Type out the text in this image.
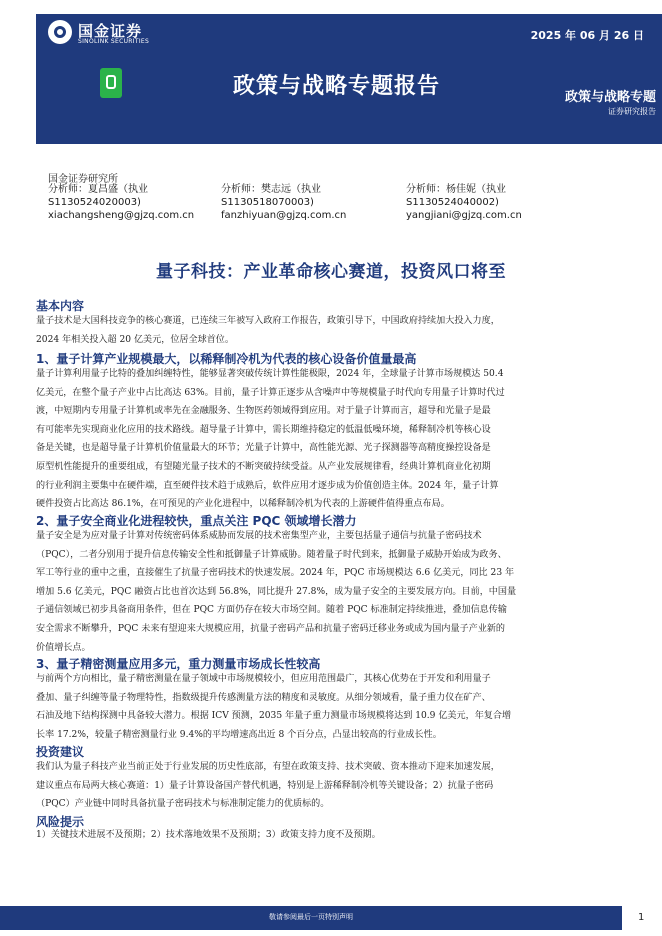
国金证券
SINOLINK SECURITIES	2025 年 06 月 26 日
政策与战略专题报告	政策与战略专题
证券研究报告
国金证券研究所
分析师：夏昌盛（执业
S1130524020003)
xiachangsheng@gjzq.com.cn
分析师：樊志远（执业
S1130518070003)
fanzhiyuan@gjzq.com.cn
分析师：杨佳妮（执业
S1130524040002)
yangjiani@gjzq.com.cn
量子科技：产业革命核心赛道，投资风口将至
基本内容
量子技术是大国科技竞争的核心赛道，已连续三年被写入政府工作报告，政策引导下，中国政府持续加大投入力度，
2024 年相关投入超 20 亿美元，位居全球首位。
1、量子计算产业规模最大，以稀释制冷机为代表的核心设备价值量最高
量子计算利用量子比特的叠加纠缠特性，能够显著突破传统计算性能极限，2024 年，全球量子计算市场规模达 50.4
亿美元，在整个量子产业中占比高达 63%。目前，量子计算正逐步从含噪声中等规模量子时代向专用量子计算时代过
渡，中短期内专用量子计算机或率先在金融服务、生物医药领域得到应用。对于量子计算而言，超导和光量子是最
有可能率先实现商业化应用的技术路线。超导量子计算中，需长期维持稳定的低温低噪环境，稀释制冷机等核心设
备是关键，也是超导量子计算机价值量最大的环节；光量子计算中，高性能光源、光子探测器等高精度操控设备是
原型机性能提升的重要组成，有望随光量子技术的不断突破持续受益。从产业发展规律看，经典计算机商业化初期
的行业利润主要集中在硬件端，直至硬件技术趋于成熟后，软件应用才逐步成为价值创造主体。2024 年，量子计算
硬件投资占比高达 86.1%，在可预见的产业化进程中，以稀释制冷机为代表的上游硬件值得重点布局。
2、量子安全商业化进程较快，重点关注 PQC 领域增长潜力
量子安全是为应对量子计算对传统密码体系威胁而发展的技术密集型产业，主要包括量子通信与抗量子密码技术
（PQC），二者分别用于提升信息传输安全性和抵御量子计算威胁。随着量子时代到来，抵御量子威胁开始成为政务、
军工等行业的重中之重，直接催生了抗量子密码技术的快速发展。2024 年，PQC 市场规模达 6.6 亿美元，同比 23 年
增加 5.6 亿美元，PQC 融资占比也首次达到 56.8%，同比提升 27.8%，成为量子安全的主要发展方向。目前，中国量
子通信领域已初步具备商用条件，但在 PQC 方面仍存在较大市场空间。随着 PQC 标准制定持续推进，叠加信息传输
安全需求不断攀升，PQC 未来有望迎来大规模应用，抗量子密码产品和抗量子密码迁移业务或成为国内量子产业新的
价值增长点。
3、量子精密测量应用多元，重力测量市场成长性较高
与前两个方向相比，量子精密测量在量子领域中市场规模较小，但应用范围最广，其核心优势在于开发和利用量子
叠加、量子纠缠等量子物理特性，指数级提升传感测量方法的精度和灵敏度。从细分领域看，量子重力仪在矿产、
石油及地下结构探测中具备较大潜力。根据 ICV 预测，2035 年量子重力测量市场规模将达到 10.9 亿美元，年复合增
长率 17.2%，较量子精密测量行业 9.4%的平均增速高出近 8 个百分点，凸显出较高的行业成长性。
投资建议
我们认为量子科技产业当前正处于行业发展的历史性底部，有望在政策支持、技术突破、资本推动下迎来加速发展，
建议重点布局两大核心赛道：1）量子计算设备国产替代机遇，特别是上游稀释制冷机等关键设备；2）抗量子密码
（PQC）产业链中同时具备抗量子密码技术与标准制定能力的优质标的。
风险提示
1）关键技术进展不及预期；2）技术落地效果不及预期；3）政策支持力度不及预期。
敬请参阅最后一页特别声明	1
